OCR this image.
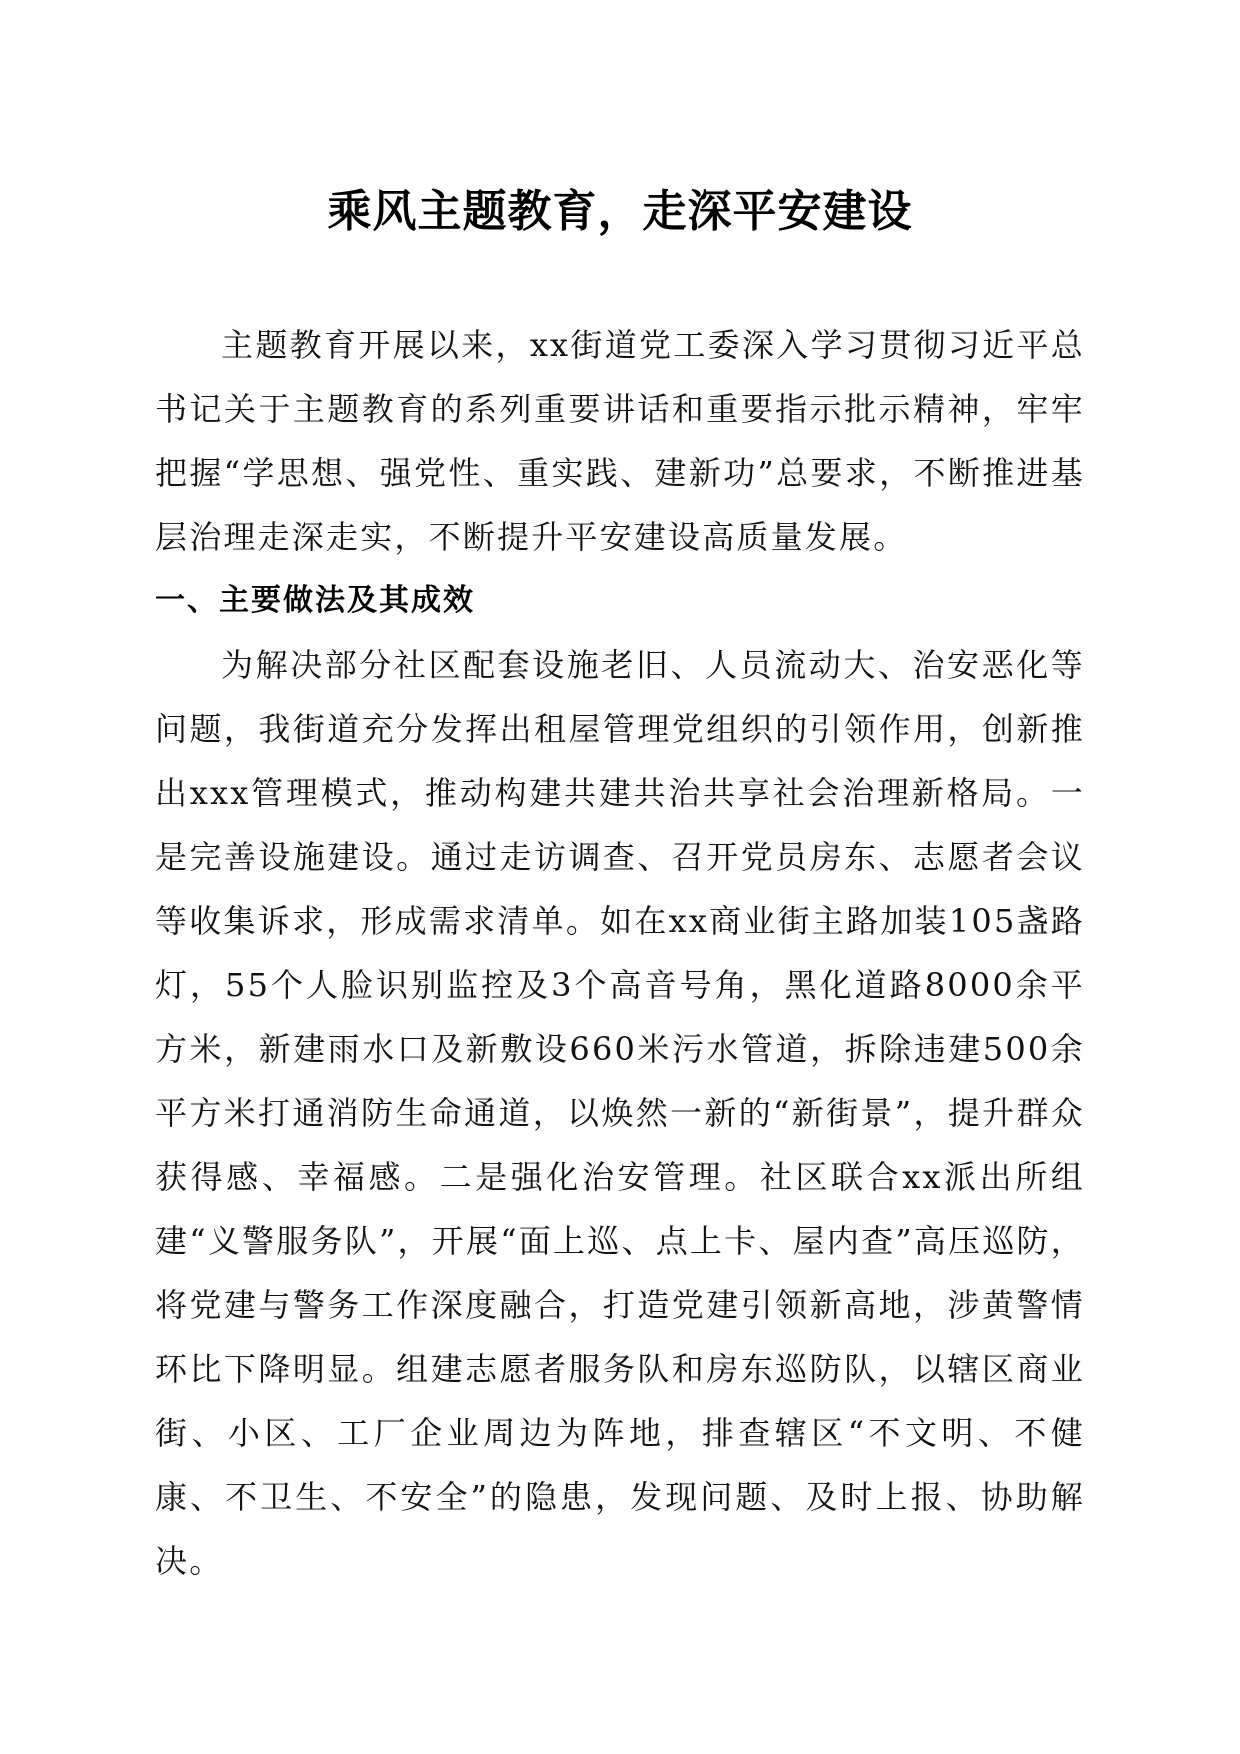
乘风主题教育，走深平安建设

主题教育开展以来，xx街道党工委深入学习贯彻习近平总书记关于主题教育的系列重要讲话和重要指示批示精神，牢牢把握“学思想、强党性、重实践、建新功”总要求，不断推进基层治理走深走实，不断提升平安建设高质量发展。

一、主要做法及其成效

为解决部分社区配套设施老旧、人员流动大、治安恶化等问题，我街道充分发挥出租屋管理党组织的引领作用，创新推出xxx管理模式，推动构建共建共治共享社会治理新格局。一是完善设施建设。通过走访调查、召开党员房东、志愿者会议等收集诉求，形成需求清单。如在xx商业街主路加装105盏路灯，55个人脸识别监控及3个高音号角，黑化道路8000余平方米，新建雨水口及新敷设660米污水管道，拆除违建500余平方米打通消防生命通道，以焕然一新的“新街景”，提升群众获得感、幸福感。二是强化治安管理。社区联合xx派出所组建“义警服务队”，开展“面上巡、点上卡、屋内查”高压巡防，将党建与警务工作深度融合，打造党建引领新高地，涉黄警情环比下降明显。组建志愿者服务队和房东巡防队，以辖区商业街、小区、工厂企业周边为阵地，排查辖区“不文明、不健康、不卫生、不安全”的隐患，发现问题、及时上报、协助解决。
